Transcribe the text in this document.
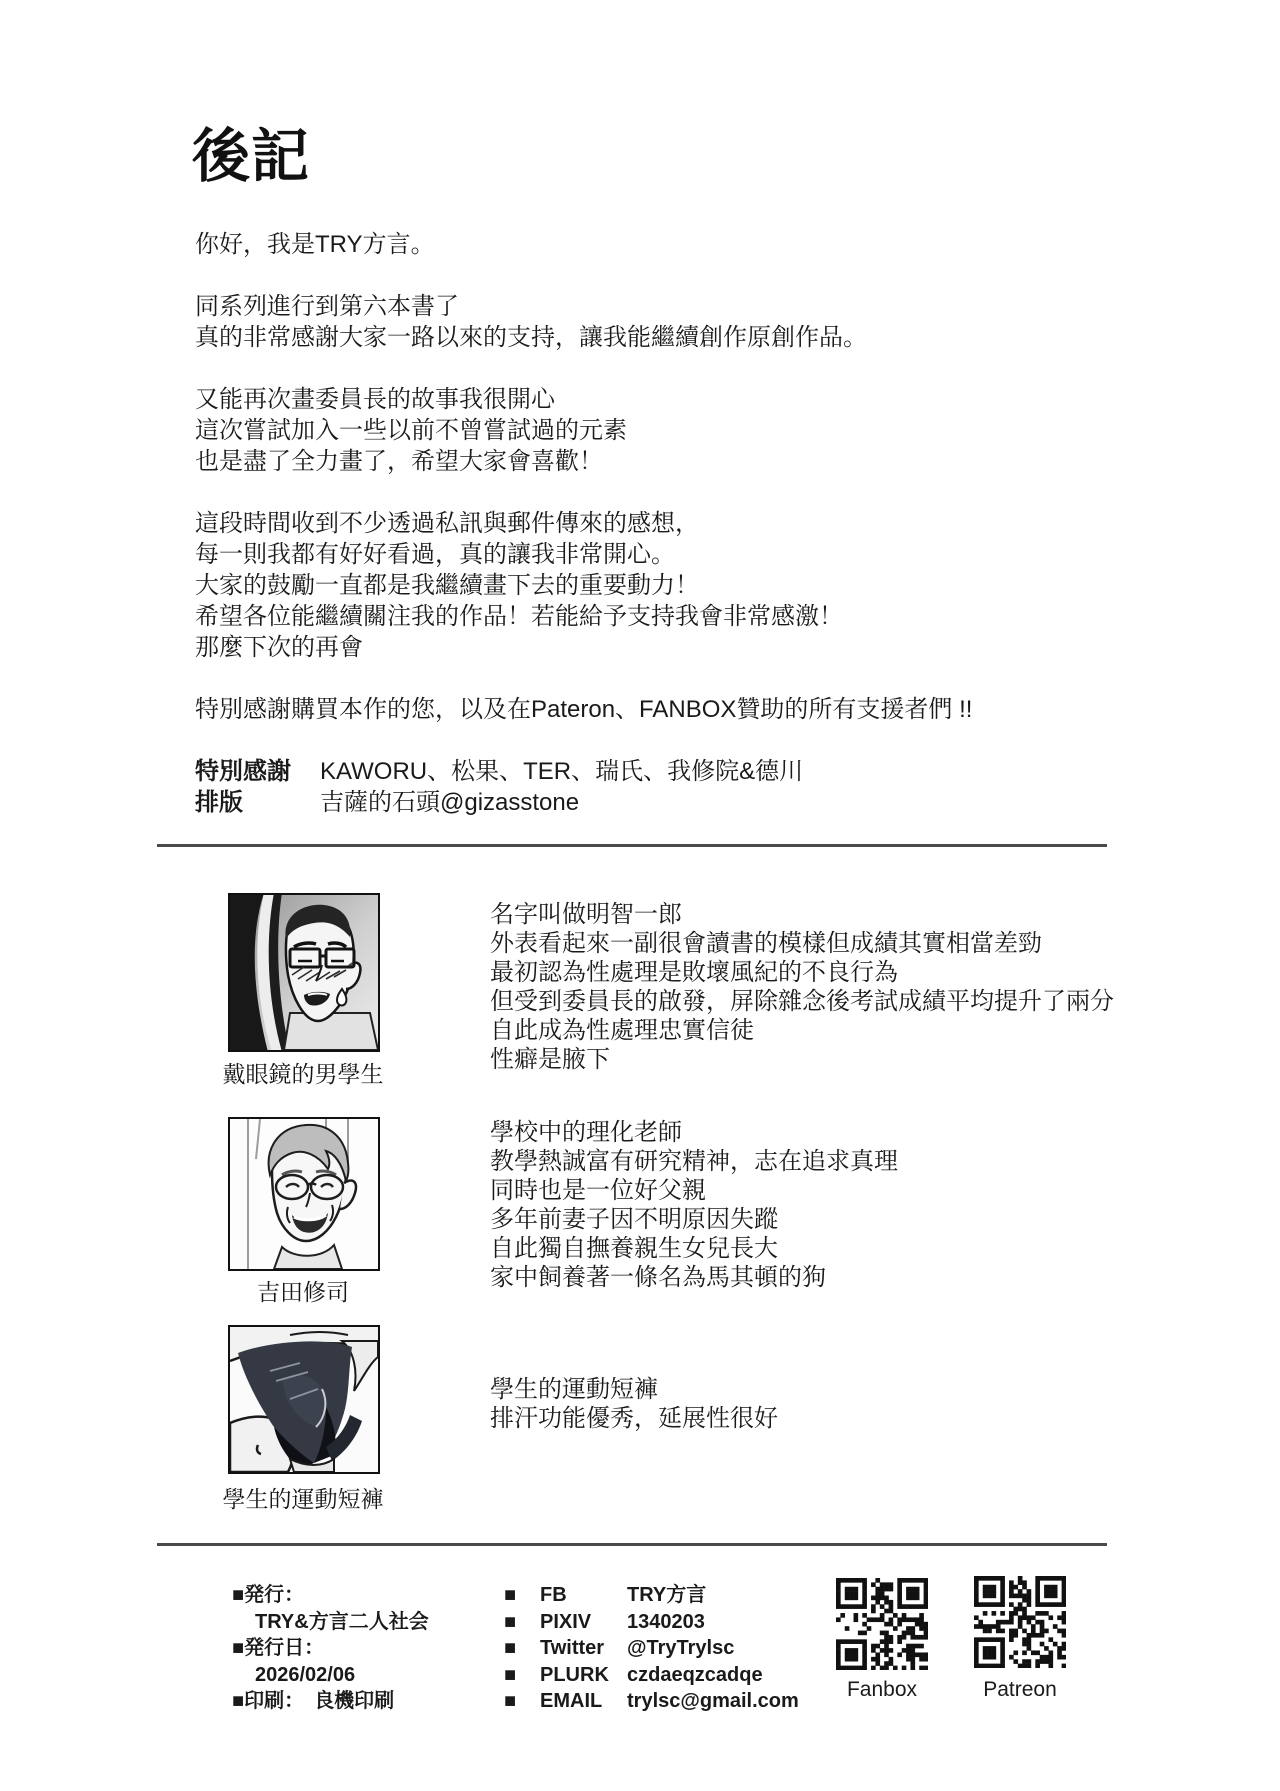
後記

你好，我是TRY方言。

同系列進行到第六本書了
真的非常感謝大家一路以來的支持，讓我能繼續創作原創作品。

又能再次畫委員長的故事我很開心
這次嘗試加入一些以前不曾嘗試過的元素
也是盡了全力畫了，希望大家會喜歡！

這段時間收到不少透過私訊與郵件傳來的感想，
每一則我都有好好看過，真的讓我非常開心。
大家的鼓勵一直都是我繼續畫下去的重要動力！
希望各位能繼續關注我的作品！若能給予支持我會非常感激！
那麼下次的再會

特別感謝購買本作的您，以及在Pateron、FANBOX贊助的所有支援者們 !!

特別感謝	KAWORU、松果、TER、瑞氏、我修院&德川
排版	吉薩的石頭@gizasstone
戴眼鏡的男學生
名字叫做明智一郎
外表看起來一副很會讀書的模樣但成績其實相當差勁
最初認為性處理是敗壞風紀的不良行為
但受到委員長的啟發，屏除雜念後考試成績平均提升了兩分
自此成為性處理忠實信徒
性癖是腋下
吉田修司
學校中的理化老師
教學熱誠富有研究精神，志在追求真理
同時也是一位好父親
多年前妻子因不明原因失蹤
自此獨自撫養親生女兒長大
家中飼養著一條名為馬其頓的狗
學生的運動短褲
學生的運動短褲
排汗功能優秀，延展性很好
■発行：
TRY&方言二人社会
■発行日：
2026/02/06
■印刷：　良機印刷
■	FB	TRY方言
■	PIXIV	1340203
■	Twitter	@TryTrylsc
■	PLURK czdaeqzcadqe
■	EMAIL	trylsc@gmail.com	Fanbox	Patreon
